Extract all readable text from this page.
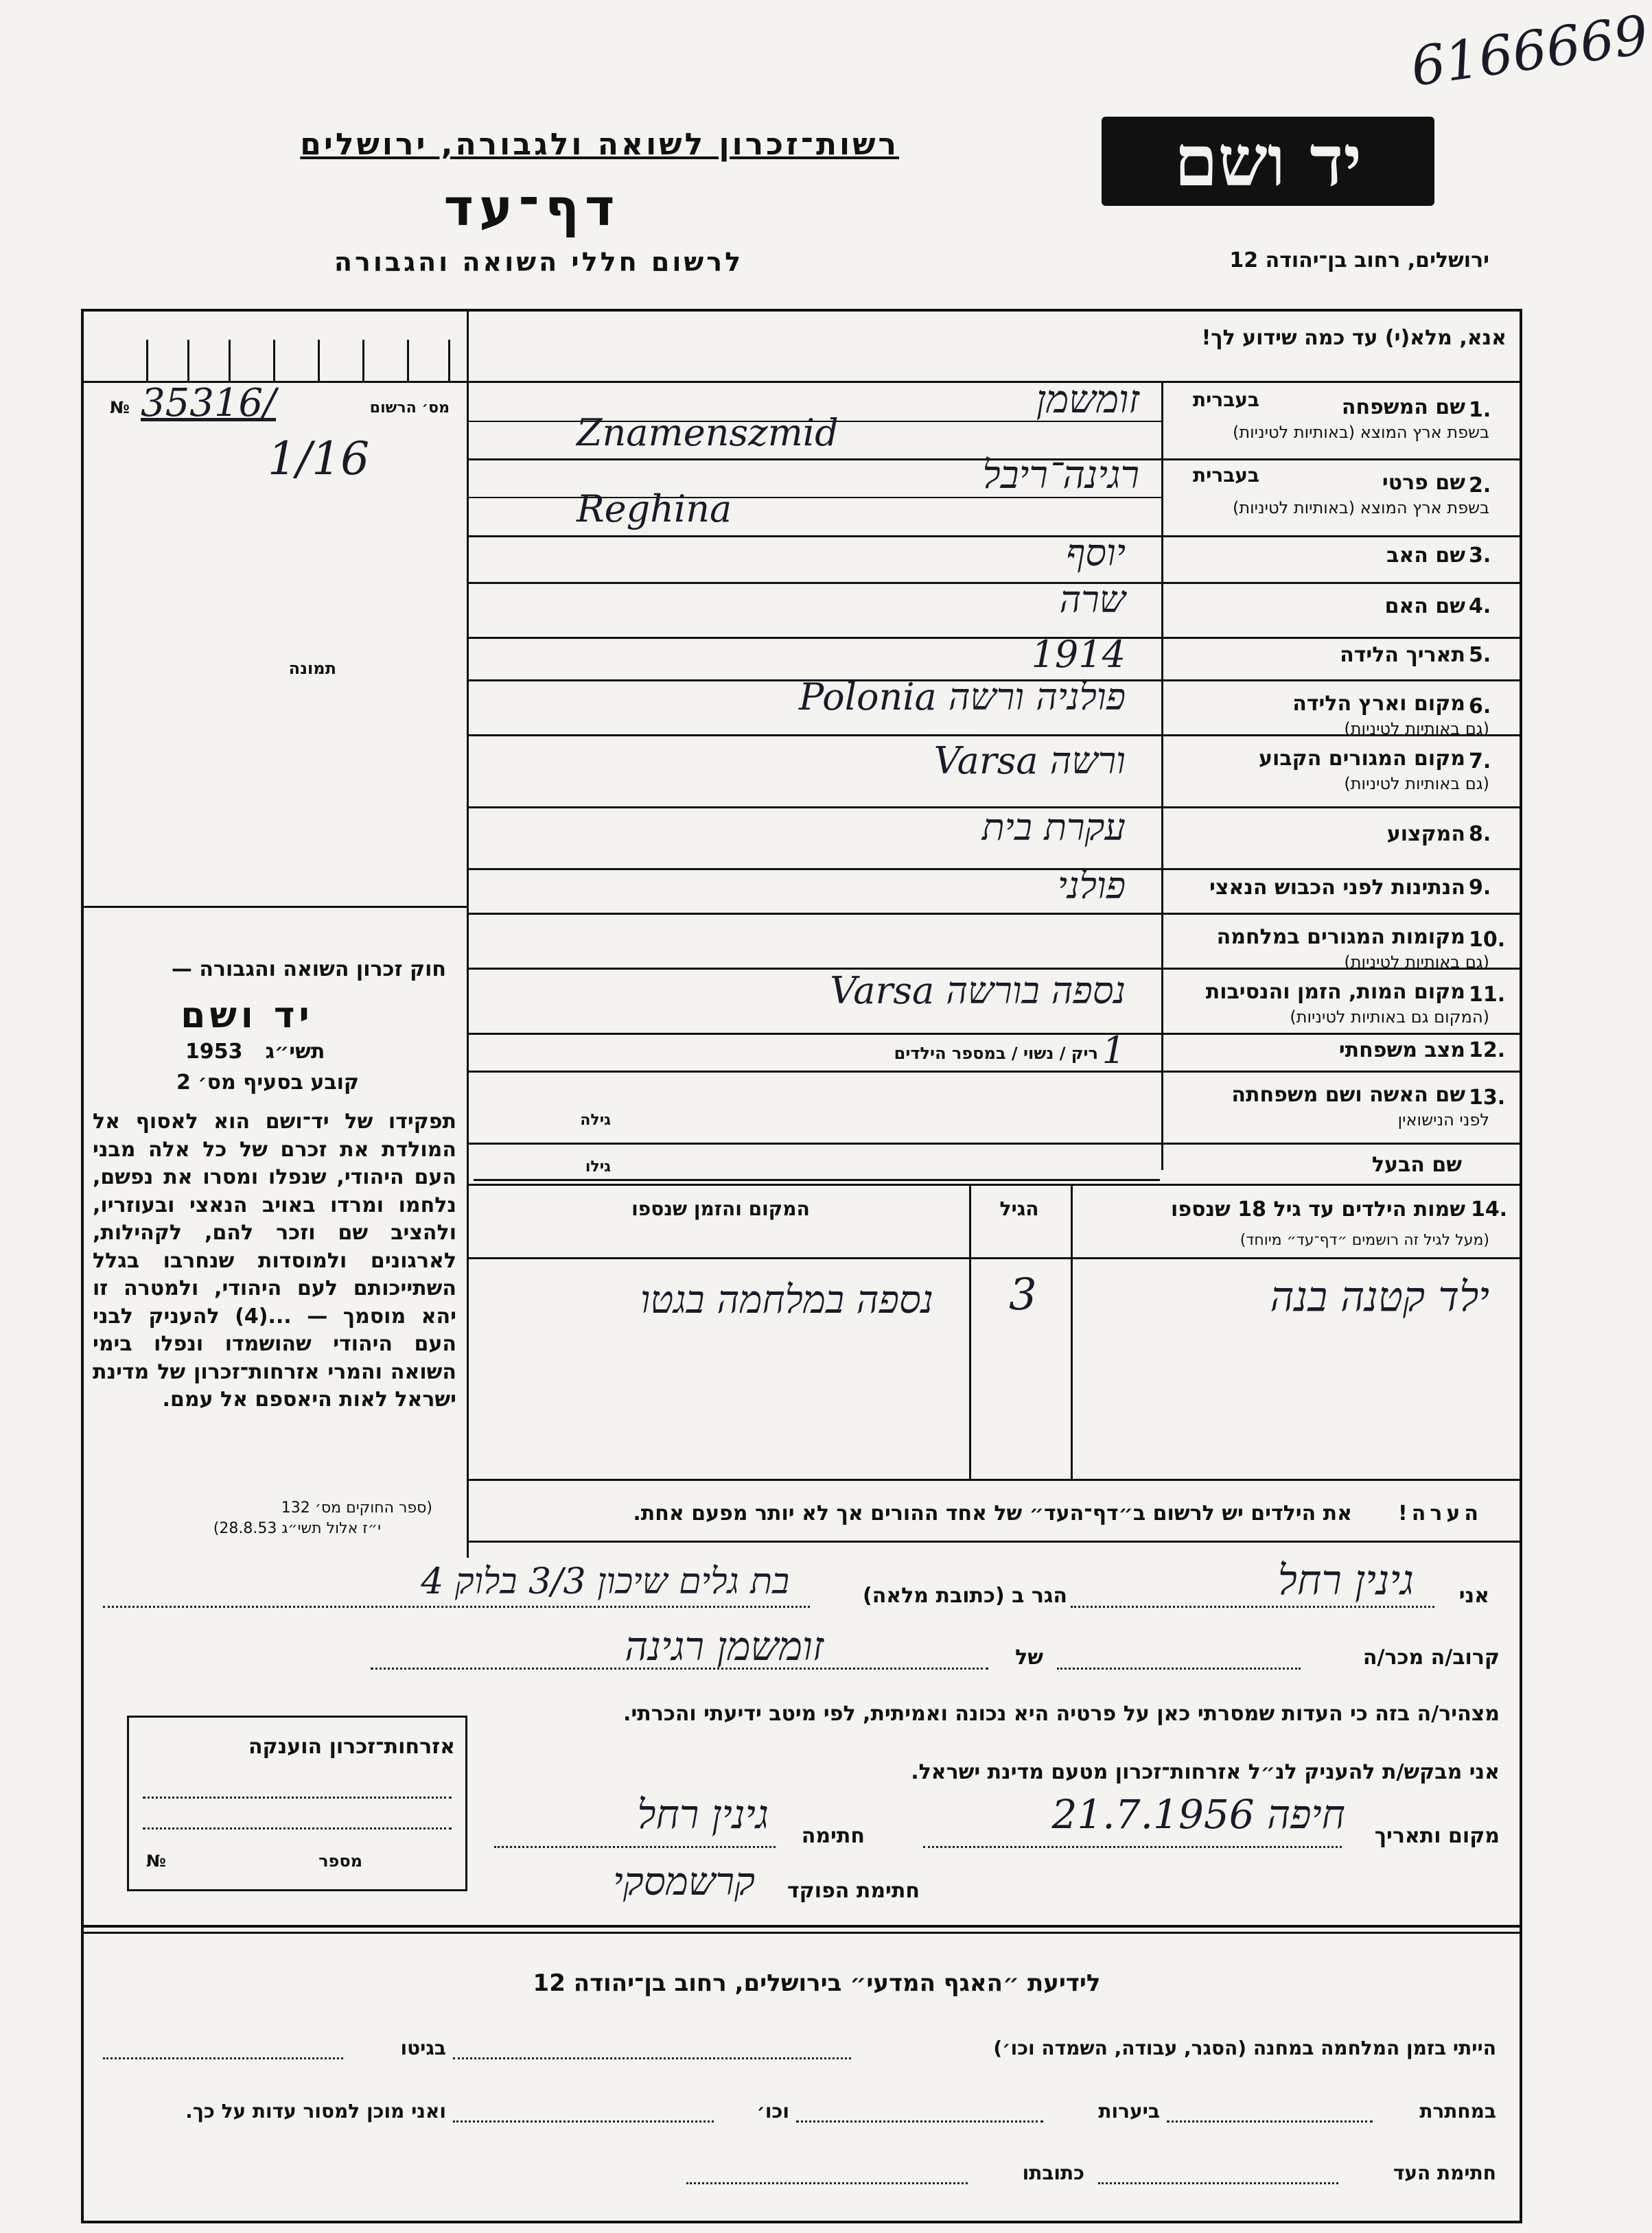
6166669
יד ושם
רשות־זכרון לשואה ולגבורה, ירושלים
דף־עד
לרשום חללי השואה והגבורה	ירושלים, רחוב בן־יהודה 12
אנא, מלא(י) עד כמה שידוע לך!
מס׳ הרשום
№ 35316/
1/16
תמונה
חוק זכרון השואה והגבורה —
יד ושם
תשי״ג
1953
קובע בסעיף מס׳ 2
תפקידו של יד־ושם הוא לאסוף אל המולדת את זכרם של כל אלה מבני העם היהודי, שנפלו ומסרו את נפשם, נלחמו ומרדו באויב הנאצי ובעוזריו, ולהציב שם וזכר להם, לקהילות, לארגונים ולמוסדות שנחרבו בגלל השתייכותם לעם היהודי, ולמטרה זו יהא מוסמך — ...(4) להעניק לבני העם היהודי שהושמדו ונפלו בימי השואה והמרי אזרחות־זכרון של מדינת ישראל לאות היאספם אל עמם.
(ספר החוקים מס׳ 132
י״ז אלול תשי״ג 28.8.53)
1.
שם המשפחה
בשפת ארץ המוצא (באותיות לטיניות)
בעברית
זומשמן
Znamenszmid
2.
שם פרטי
בשפת ארץ המוצא (באותיות לטיניות)
בעברית
רגינה־ריבל
Reghina
3.
שם האב
יוסף
4.
שם האם
שרה
5.
תאריך הלידה
1914
6.
מקום וארץ הלידה
(גם באותיות לטיניות)
פולניה ורשה Polonia
7.
מקום המגורים הקבוע
(גם באותיות לטיניות)
ורשה Varsa
8.
המקצוע
עקרת בית
9.
הנתינות לפני הכבוש הנאצי
פולני
10.
מקומות המגורים במלחמה
(גם באותיות לטיניות)
11.
מקום המות, הזמן והנסיבות
(המקום גם באותיות לטיניות)
נספה בורשה Varsa
12.
מצב משפחתי
1
ריק / נשוי / במספר הילדים
13.
שם האשה ושם משפחתה
לפני הנישואין
גילה
שם הבעל
גילו
שמות הילדים עד גיל 18 שנספו 14.
(מעל לגיל זה רושמים ״דף־עד״ מיוחד)
הגיל
המקום והזמן שנספו
ילד קטנה בנה
3
נספה במלחמה בגטו
הערה!
את הילדים יש לרשום ב״דף־העד״ של אחד ההורים אך לא יותר מפעם אחת.
אני
גינין רחל
הגר ב (כתובת מלאה)
בת גלים שיכון 3/3 בלוק 4
קרוב/ה מכר/ה
של
זומשמן רגינה
מצהיר/ה בזה כי העדות שמסרתי כאן על פרטיה היא נכונה ואמיתית, לפי מיטב ידיעתי והכרתי.
אני מבקש/ת להעניק לנ״ל אזרחות־זכרון מטעם מדינת ישראל.
מקום ותאריך
חיפה 21.7.1956
חתימה
גינין רחל
חתימת הפוקד
קרשמסקי
אזרחות־זכרון הוענקה
№	מספר
לידיעת ״האגף המדעי״ בירושלים, רחוב בן־יהודה 12
הייתי בזמן המלחמה במחנה (הסגר, עבודה, השמדה וכו׳)
בגיטו
במחתרת
ביערות
וכו׳
ואני מוכן למסור עדות על כך.
חתימת העד
כתובתו
